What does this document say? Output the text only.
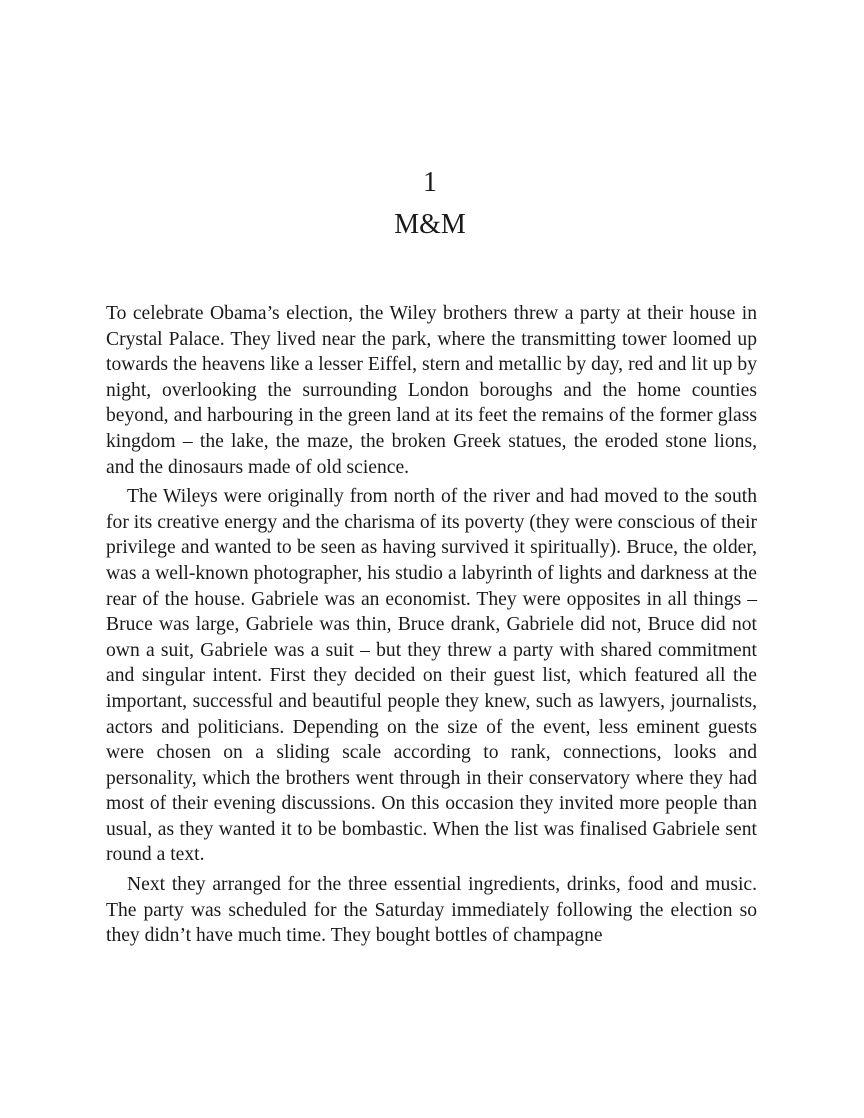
1
M&M

To celebrate Obama’s election, the Wiley brothers threw a party at their house in Crystal Palace. They lived near the park, where the transmitting tower loomed up towards the heavens like a lesser Eiffel, stern and metallic by day, red and lit up by night, overlooking the surrounding London boroughs and the home counties beyond, and harbouring in the green land at its feet the remains of the former glass kingdom – the lake, the maze, the broken Greek statues, the eroded stone lions, and the dinosaurs made of old science.

The Wileys were originally from north of the river and had moved to the south for its creative energy and the charisma of its poverty (they were conscious of their privilege and wanted to be seen as having survived it spiritually). Bruce, the older, was a well-known photographer, his studio a labyrinth of lights and darkness at the rear of the house. Gabriele was an economist. They were opposites in all things – Bruce was large, Gabriele was thin, Bruce drank, Gabriele did not, Bruce did not own a suit, Gabriele was a suit – but they threw a party with shared commitment and singular intent. First they decided on their guest list, which featured all the important, successful and beautiful people they knew, such as lawyers, journalists, actors and politicians. Depending on the size of the event, less eminent guests were chosen on a sliding scale according to rank, connections, looks and personality, which the brothers went through in their conservatory where they had most of their evening discussions. On this occasion they invited more people than usual, as they wanted it to be bombastic. When the list was finalised Gabriele sent round a text.

Next they arranged for the three essential ingredients, drinks, food and music. The party was scheduled for the Saturday immediately following the election so they didn’t have much time. They bought bottles of champagne
